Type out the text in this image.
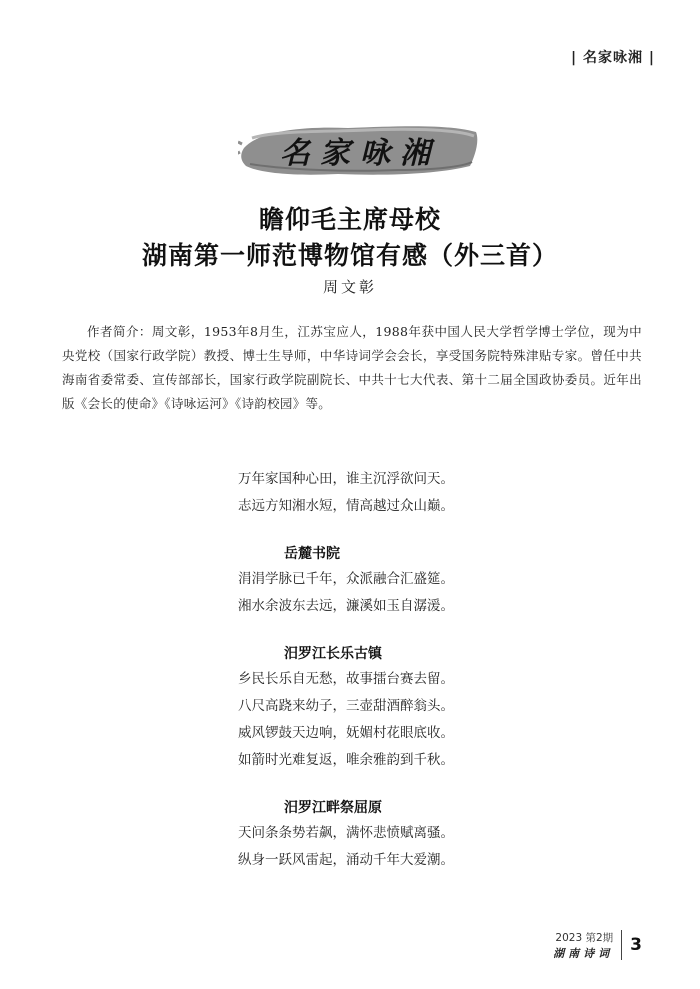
| 名家咏湘 |
名家咏湘
瞻仰毛主席母校
湖南第一师范博物馆有感（外三首）
周文彰
作者简介：周文彰，1953年8月生，江苏宝应人，1988年获中国人民大学哲学博士学位，现为中央党校（国家行政学院）教授、博士生导师，中华诗词学会会长，享受国务院特殊津贴专家。曾任中共海南省委常委、宣传部部长，国家行政学院副院长、中共十七大代表、第十二届全国政协委员。近年出版《会长的使命》《诗咏运河》《诗韵校园》等。
万年家国种心田，谁主沉浮欲问天。
志远方知湘水短，情高越过众山巅。
岳麓书院
涓涓学脉已千年，众派融合汇盛筵。
湘水余波东去远，濂溪如玉自潺湲。
汨罗江长乐古镇
乡民长乐自无愁，故事擂台赛去留。
八尺高跷来幼子，三壶甜酒醉翁头。
威风锣鼓天边响，妩媚村花眼底收。
如箭时光难复返，唯余雅韵到千秋。
汨罗江畔祭屈原
天问条条势若飙，满怀悲愤赋离骚。
纵身一跃风雷起，涌动千年大爱潮。
2023 第2期
湖南诗词 3
